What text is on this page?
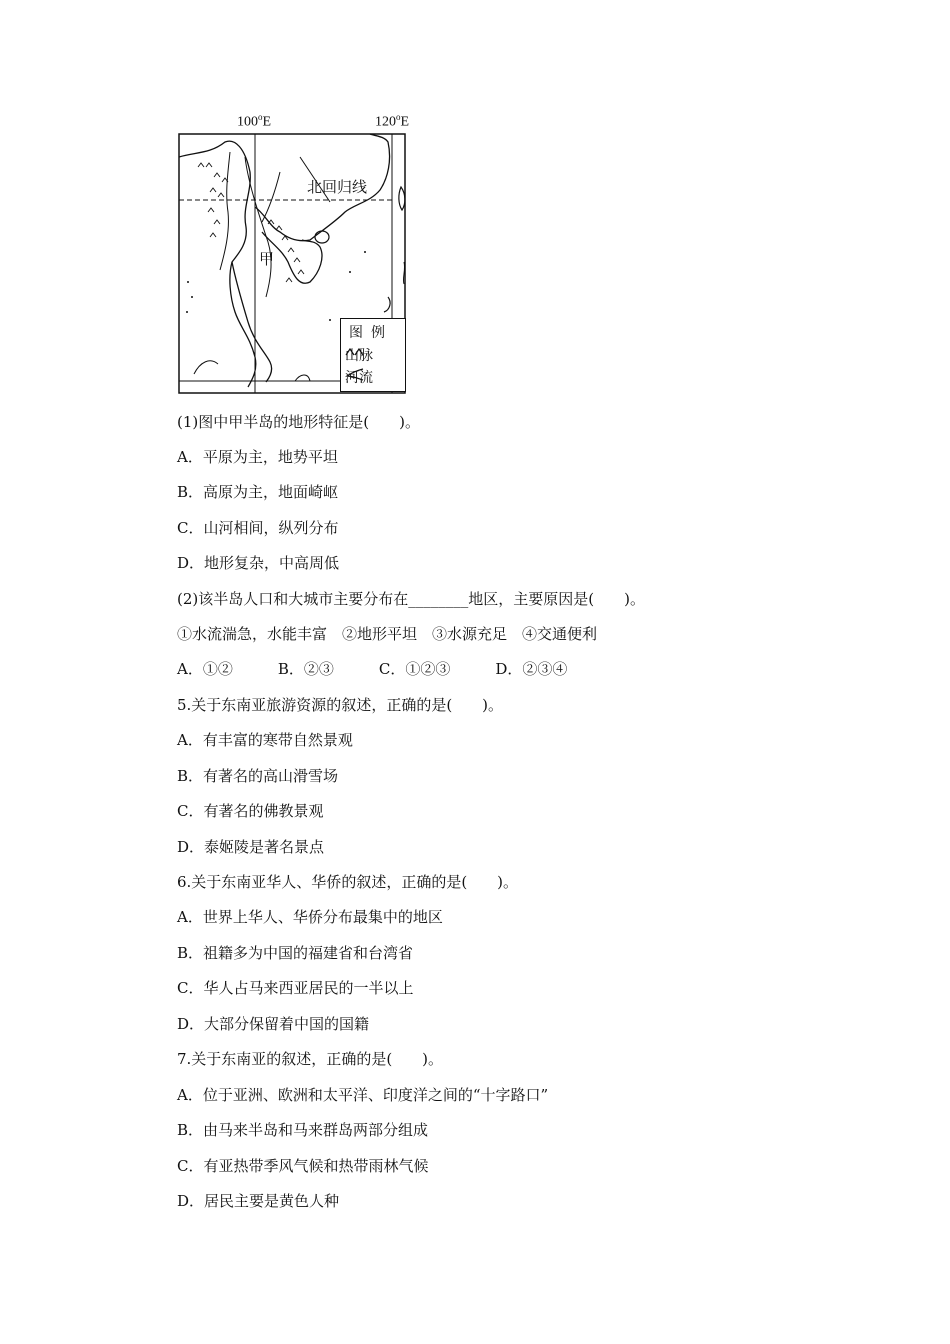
100$^o$E	120$^o$E
北回归线
甲
图例
山脉
河流
(1)图中甲半岛的地形特征是(　　)。
A．平原为主，地势平坦
B．高原为主，地面崎岖
C．山河相间，纵列分布
D．地形复杂，中高周低
(2)该半岛人口和大城市主要分布在________地区，主要原因是(　　)。
①水流湍急，水能丰富　②地形平坦　③水源充足　④交通便利
A．①②　　　B．②③　　　C．①②③　　　D．②③④
5.关于东南亚旅游资源的叙述，正确的是(　　)。
A．有丰富的寒带自然景观
B．有著名的高山滑雪场
C．有著名的佛教景观
D．泰姬陵是著名景点
6.关于东南亚华人、华侨的叙述，正确的是(　　)。
A．世界上华人、华侨分布最集中的地区
B．祖籍多为中国的福建省和台湾省
C．华人占马来西亚居民的一半以上
D．大部分保留着中国的国籍
7.关于东南亚的叙述，正确的是(　　)。
A．位于亚洲、欧洲和太平洋、印度洋之间的“十字路口”
B．由马来半岛和马来群岛两部分组成
C．有亚热带季风气候和热带雨林气候
D．居民主要是黄色人种
